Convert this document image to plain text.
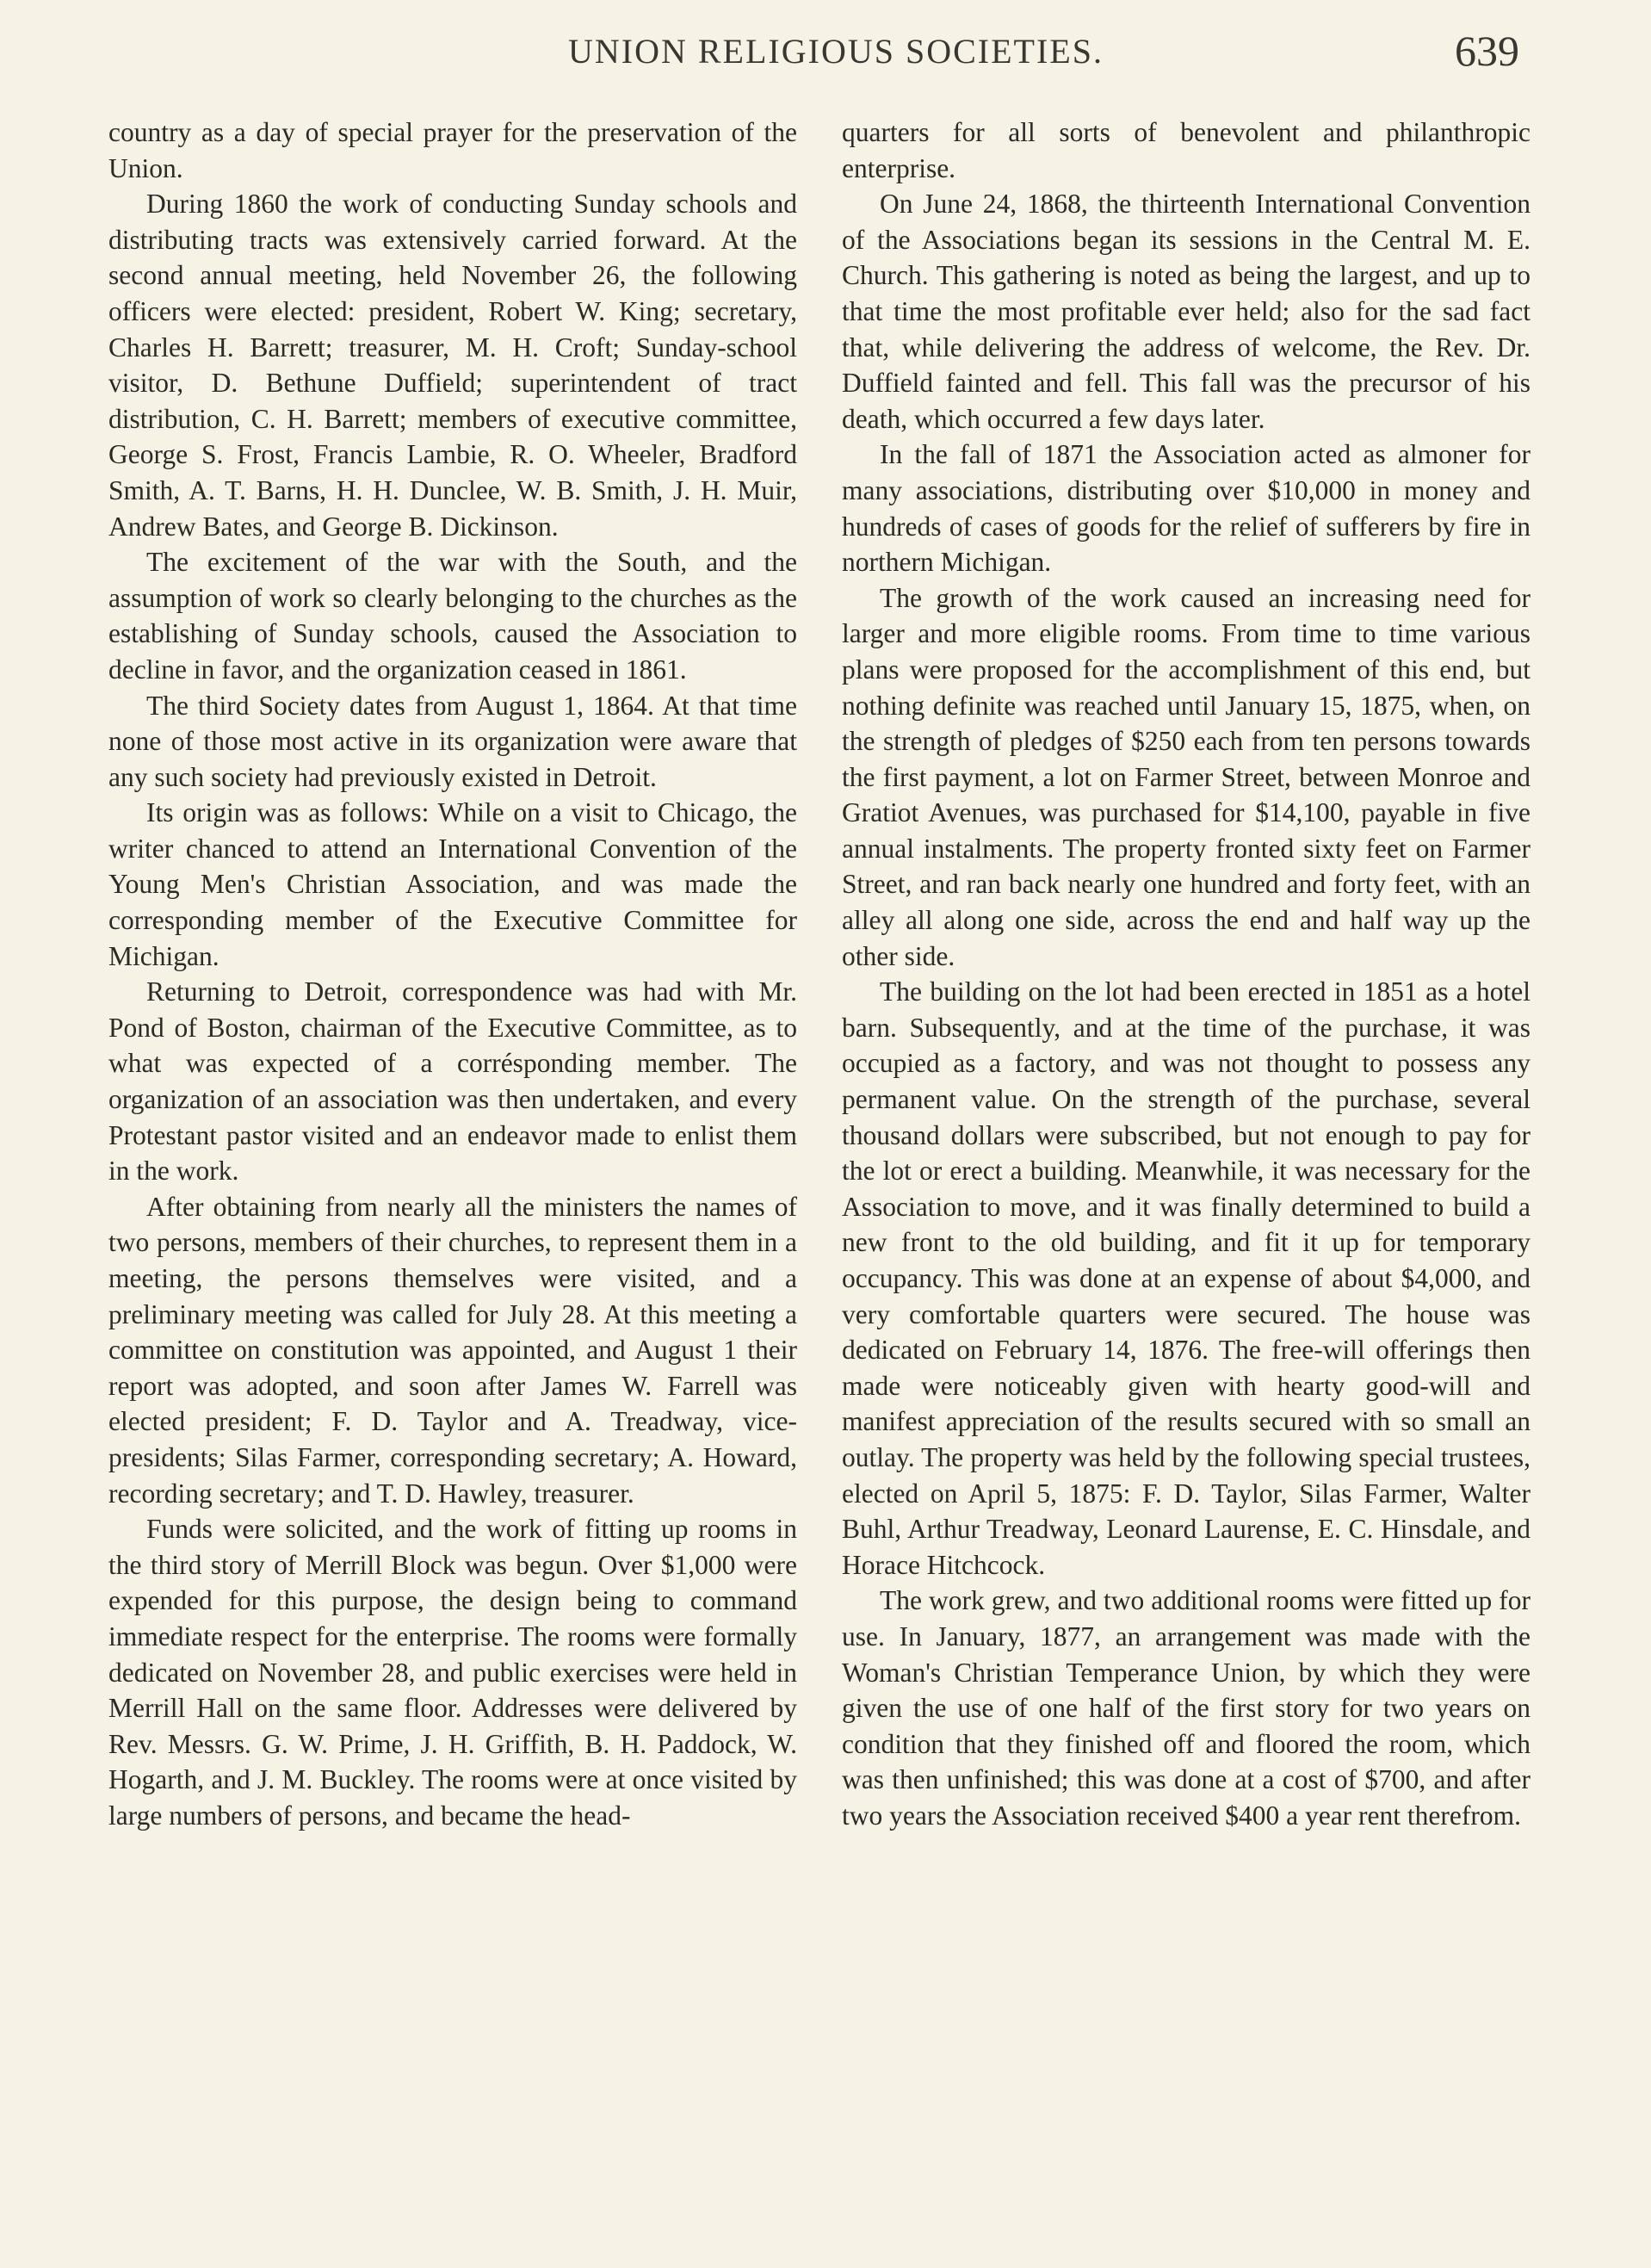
UNION RELIGIOUS SOCIETIES.	639

country as a day of special prayer for the preservation of the Union.

During 1860 the work of conducting Sunday schools and distributing tracts was extensively carried forward. At the second annual meeting, held November 26, the following officers were elected: president, Robert W. King; secretary, Charles H. Barrett; treasurer, M. H. Croft; Sunday-school visitor, D. Bethune Duffield; superintendent of tract distribution, C. H. Barrett; members of executive committee, George S. Frost, Francis Lambie, R. O. Wheeler, Bradford Smith, A. T. Barns, H. H. Dunclee, W. B. Smith, J. H. Muir, Andrew Bates, and George B. Dickinson.

The excitement of the war with the South, and the assumption of work so clearly belonging to the churches as the establishing of Sunday schools, caused the Association to decline in favor, and the organization ceased in 1861.

The third Society dates from August 1, 1864. At that time none of those most active in its organization were aware that any such society had previously existed in Detroit.

Its origin was as follows: While on a visit to Chicago, the writer chanced to attend an International Convention of the Young Men's Christian Association, and was made the corresponding member of the Executive Committee for Michigan.

Returning to Detroit, correspondence was had with Mr. Pond of Boston, chairman of the Executive Committee, as to what was expected of a corrésponding member. The organization of an association was then undertaken, and every Protestant pastor visited and an endeavor made to enlist them in the work.

After obtaining from nearly all the ministers the names of two persons, members of their churches, to represent them in a meeting, the persons themselves were visited, and a preliminary meeting was called for July 28. At this meeting a committee on constitution was appointed, and August 1 their report was adopted, and soon after James W. Farrell was elected president; F. D. Taylor and A. Treadway, vice-presidents; Silas Farmer, corresponding secretary; A. Howard, recording secretary; and T. D. Hawley, treasurer.

Funds were solicited, and the work of fitting up rooms in the third story of Merrill Block was begun. Over $1,000 were expended for this purpose, the design being to command immediate respect for the enterprise. The rooms were formally dedicated on November 28, and public exercises were held in Merrill Hall on the same floor. Addresses were delivered by Rev. Messrs. G. W. Prime, J. H. Griffith, B. H. Paddock, W. Hogarth, and J. M. Buckley. The rooms were at once visited by large numbers of persons, and became the head-

quarters for all sorts of benevolent and philanthropic enterprise.

On June 24, 1868, the thirteenth International Convention of the Associations began its sessions in the Central M. E. Church. This gathering is noted as being the largest, and up to that time the most profitable ever held; also for the sad fact that, while delivering the address of welcome, the Rev. Dr. Duffield fainted and fell. This fall was the precursor of his death, which occurred a few days later.

In the fall of 1871 the Association acted as almoner for many associations, distributing over $10,000 in money and hundreds of cases of goods for the relief of sufferers by fire in northern Michigan.

The growth of the work caused an increasing need for larger and more eligible rooms. From time to time various plans were proposed for the accomplishment of this end, but nothing definite was reached until January 15, 1875, when, on the strength of pledges of $250 each from ten persons towards the first payment, a lot on Farmer Street, between Monroe and Gratiot Avenues, was purchased for $14,100, payable in five annual instalments. The property fronted sixty feet on Farmer Street, and ran back nearly one hundred and forty feet, with an alley all along one side, across the end and half way up the other side.

The building on the lot had been erected in 1851 as a hotel barn. Subsequently, and at the time of the purchase, it was occupied as a factory, and was not thought to possess any permanent value. On the strength of the purchase, several thousand dollars were subscribed, but not enough to pay for the lot or erect a building. Meanwhile, it was necessary for the Association to move, and it was finally determined to build a new front to the old building, and fit it up for temporary occupancy. This was done at an expense of about $4,000, and very comfortable quarters were secured. The house was dedicated on February 14, 1876. The free-will offerings then made were noticeably given with hearty good-will and manifest appreciation of the results secured with so small an outlay. The property was held by the following special trustees, elected on April 5, 1875: F. D. Taylor, Silas Farmer, Walter Buhl, Arthur Treadway, Leonard Laurense, E. C. Hinsdale, and Horace Hitchcock.

The work grew, and two additional rooms were fitted up for use. In January, 1877, an arrangement was made with the Woman's Christian Temperance Union, by which they were given the use of one half of the first story for two years on condition that they finished off and floored the room, which was then unfinished; this was done at a cost of $700, and after two years the Association received $400 a year rent therefrom.
